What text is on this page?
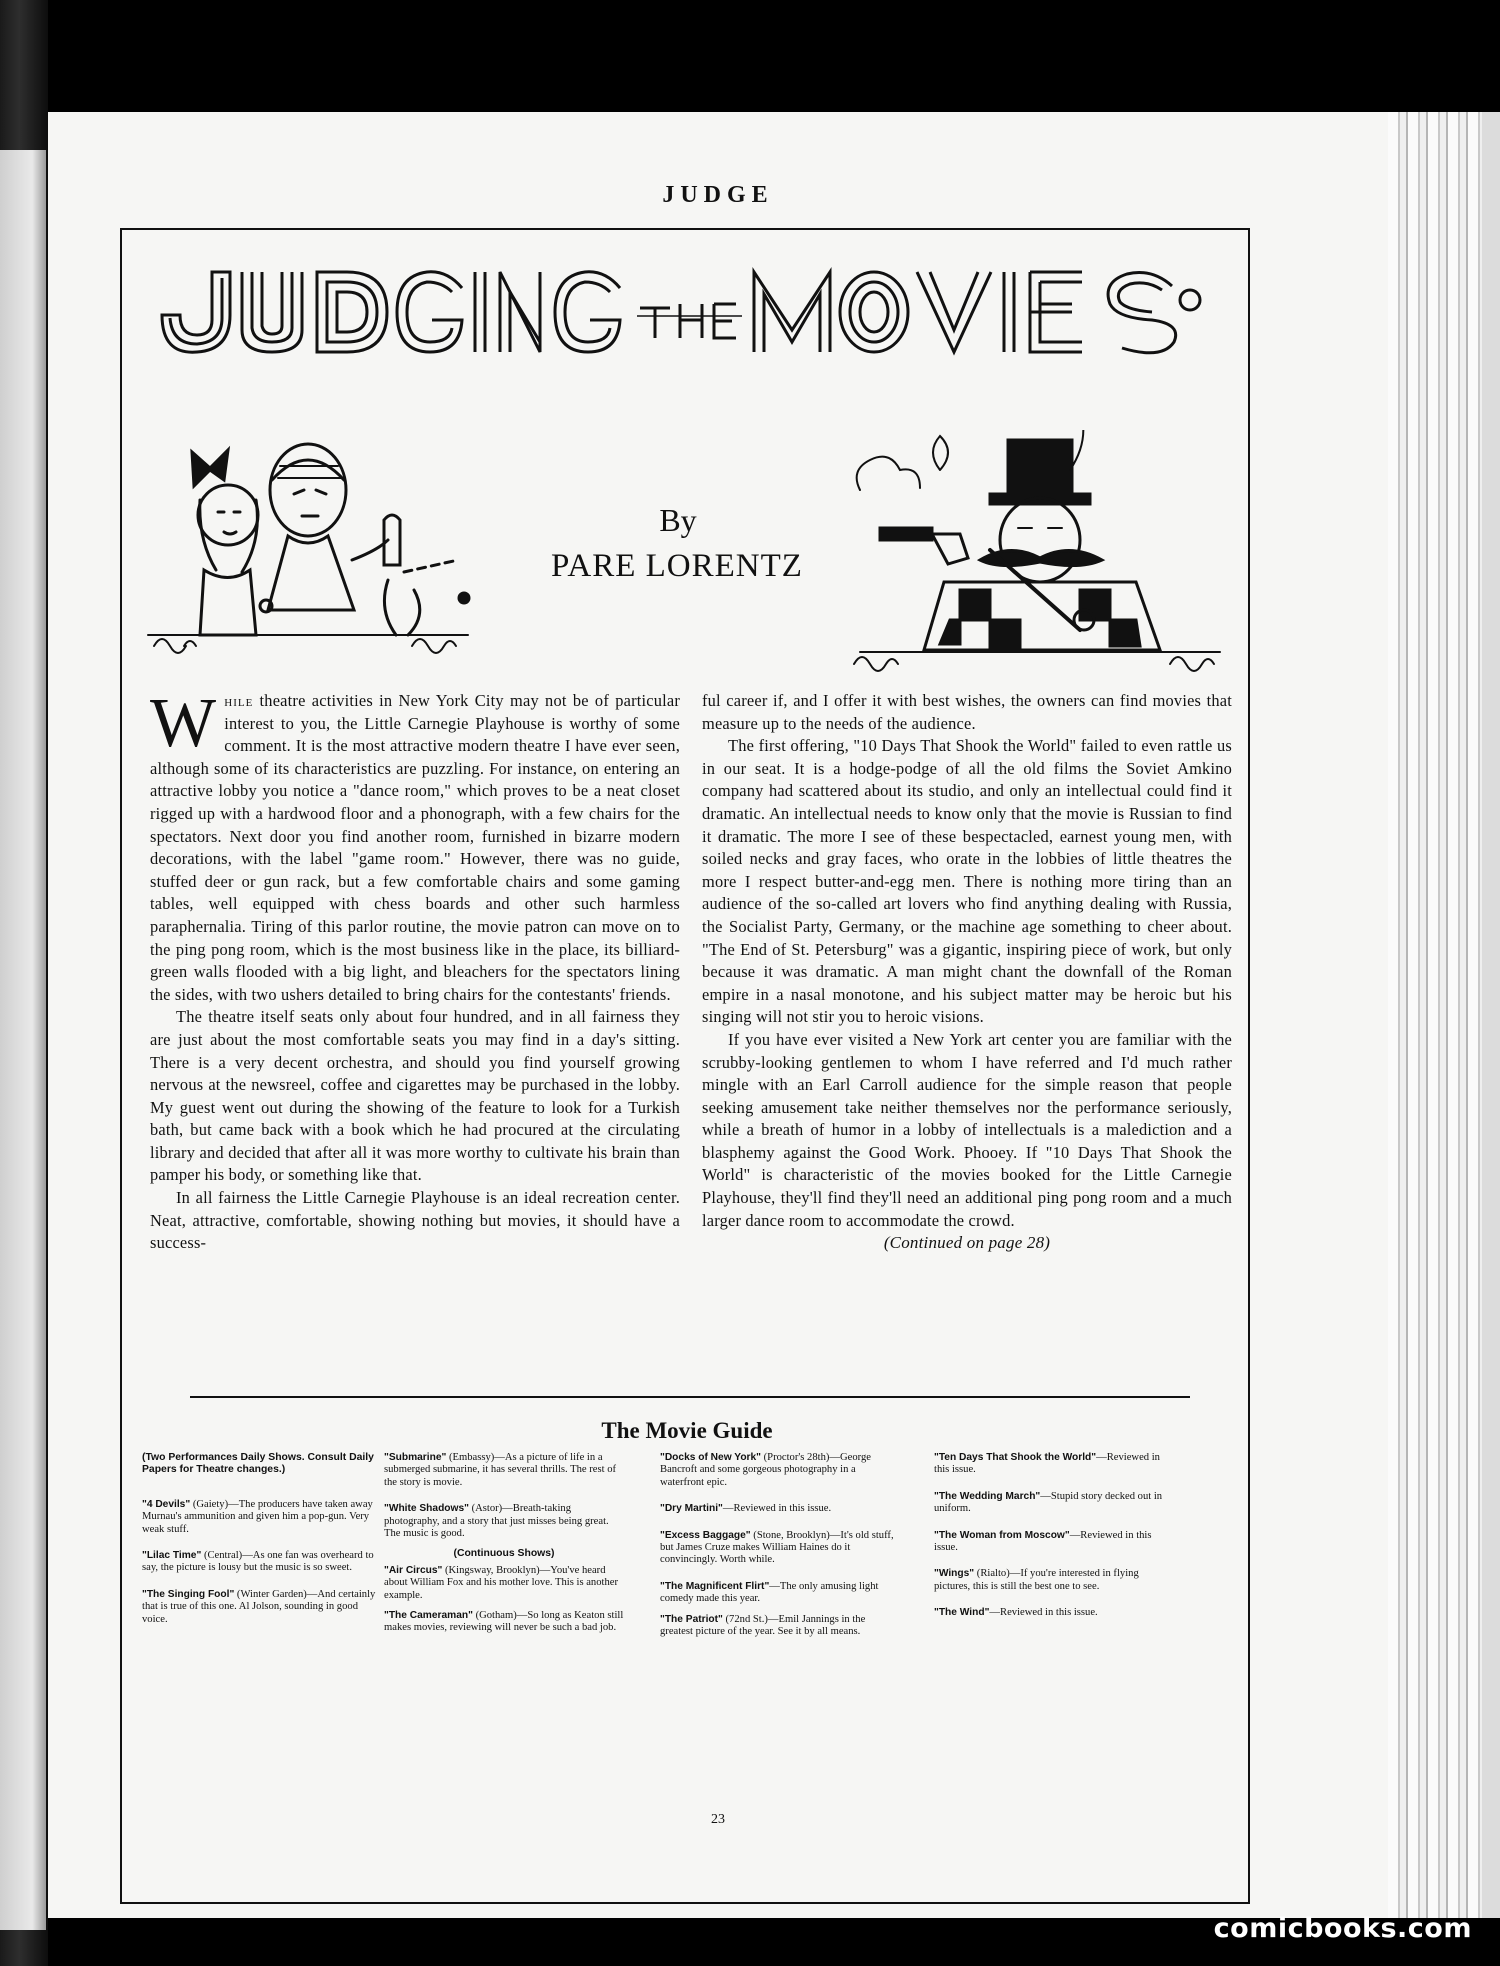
JUDGE
By
PARE LORENTZ

While theatre activities in New York City may not be of particular interest to you, the Little Carnegie Playhouse is worthy of some comment. It is the most attractive modern theatre I have ever seen, although some of its characteristics are puzzling. For instance, on entering an attractive lobby you notice a "dance room," which proves to be a neat closet rigged up with a hardwood floor and a phonograph, with a few chairs for the spectators. Next door you find another room, furnished in bizarre modern decorations, with the label "game room." However, there was no guide, stuffed deer or gun rack, but a few comfortable chairs and some gaming tables, well equipped with chess boards and other such harmless paraphernalia. Tiring of this parlor routine, the movie patron can move on to the ping pong room, which is the most business like in the place, its billiard-green walls flooded with a big light, and bleachers for the spectators lining the sides, with two ushers detailed to bring chairs for the contestants' friends.

The theatre itself seats only about four hundred, and in all fairness they are just about the most comfortable seats you may find in a day's sitting. There is a very decent orchestra, and should you find yourself growing nervous at the newsreel, coffee and cigarettes may be purchased in the lobby. My guest went out during the showing of the feature to look for a Turkish bath, but came back with a book which he had procured at the circulating library and decided that after all it was more worthy to cultivate his brain than pamper his body, or something like that.

In all fairness the Little Carnegie Playhouse is an ideal recreation center. Neat, attractive, comfortable, showing nothing but movies, it should have a success-

ful career if, and I offer it with best wishes, the owners can find movies that measure up to the needs of the audience.

The first offering, "10 Days That Shook the World" failed to even rattle us in our seat. It is a hodge-podge of all the old films the Soviet Amkino company had scattered about its studio, and only an intellectual could find it dramatic. An intellectual needs to know only that the movie is Russian to find it dramatic. The more I see of these bespectacled, earnest young men, with soiled necks and gray faces, who orate in the lobbies of little theatres the more I respect butter-and-egg men. There is nothing more tiring than an audience of the so-called art lovers who find anything dealing with Russia, the Socialist Party, Germany, or the machine age something to cheer about. "The End of St. Petersburg" was a gigantic, inspiring piece of work, but only because it was dramatic. A man might chant the downfall of the Roman empire in a nasal monotone, and his subject matter may be heroic but his singing will not stir you to heroic visions.

If you have ever visited a New York art center you are familiar with the scrubby-looking gentlemen to whom I have referred and I'd much rather mingle with an Earl Carroll audience for the simple reason that people seeking amusement take neither themselves nor the performance seriously, while a breath of humor in a lobby of intellectuals is a malediction and a blasphemy against the Good Work. Phooey. If "10 Days That Shook the World" is characteristic of the movies booked for the Little Carnegie Playhouse, they'll find they'll need an additional ping pong room and a much larger dance room to accommodate the crowd.

(Continued on page 28)

The Movie Guide
(Two Performances Daily Shows. Consult Daily Papers for Theatre changes.)
"4 Devils" (Gaiety)—The producers have taken away Murnau's ammunition and given him a pop-gun. Very weak stuff.
"Lilac Time" (Central)—As one fan was overheard to say, the picture is lousy but the music is so sweet.
"The Singing Fool" (Winter Garden)—And certainly that is true of this one. Al Jolson, sounding in good voice.
"Submarine" (Embassy)—As a picture of life in a submerged submarine, it has several thrills. The rest of the story is movie.
"White Shadows" (Astor)—Breath-taking photography, and a story that just misses being great. The music is good.
(Continuous Shows)
"Air Circus" (Kingsway, Brooklyn)—You've heard about William Fox and his mother love. This is another example.
"The Cameraman" (Gotham)—So long as Keaton still makes movies, reviewing will never be such a bad job.
"Docks of New York" (Proctor's 28th)—George Bancroft and some gorgeous photography in a waterfront epic.
"Dry Martini"—Reviewed in this issue.
"Excess Baggage" (Stone, Brooklyn)—It's old stuff, but James Cruze makes William Haines do it convincingly. Worth while.
"The Magnificent Flirt"—The only amusing light comedy made this year.
"The Patriot" (72nd St.)—Emil Jannings in the greatest picture of the year. See it by all means.
"Ten Days That Shook the World"—Reviewed in this issue.
"The Wedding March"—Stupid story decked out in uniform.
"The Woman from Moscow"—Reviewed in this issue.
"Wings" (Rialto)—If you're interested in flying pictures, this is still the best one to see.
"The Wind"—Reviewed in this issue.
23
comicbooks.com
